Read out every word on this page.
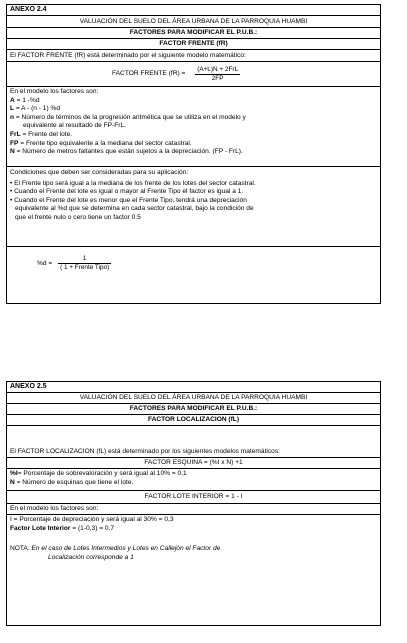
ANEXO 2.4
VALUACIÓN DEL SUELO DEL ÁREA URBANA DE LA PARROQUIA HUAMBI
FACTORES PARA MODIFICAR EL P.U.B.:
FACTOR FRENTE (fR)
El FACTOR FRENTE (fR) está determinado por el siguiente modelo matemático:
FACTOR FRENTE $(fR) = \frac{\text{(A+L)N + 2FrL}}{2FP}$
En el modelo los factores son:
A = 1 -%d
L = A - (n - 1) %d
n = Número de términos de la progresión aritmética que se utiliza en el modelo y
equivalente al resultado de FP-FrL.
FrL = Frente del lote.
FP = Frente tipo equivalente a la mediana del sector catastral.
N = Número de metros faltantes que están sujetos a la depreciación. (FP - FrL).
Condiciones que deben ser consideradas para su aplicación:
• El Frente tipo será igual a la mediana de los frente de los lotes del sector catastral.
• Cuando el Frente del lote es igual o mayor al Frente Tipo el factor es igual a 1.
• Cuando el Frente del lote es menor que el Frente Tipo, tendrá una depreciación
equivalente al %d que se determina en cada sector catastral, bajo la condición de
que el frente nulo o cero tiene un factor 0.5
$\%d = \frac{1}{\text{( 1 + Frente Tipo)}}$
ANEXO 2.5
VALUACIÓN DEL SUELO DEL ÁREA URBANA DE LA PARROQUIA HUAMBI
FACTORES PARA MODIFICAR EL P.U.B.:
FACTOR LOCALIZACION (fL)
El FACTOR LOCALIZACION (fL) está determinado por los siguientes modelos matemáticos:
FACTOR ESQUINA = (%I x N) +1
%I= Porcentaje de sobrevaloración y será igual al 10% = 0,1
N = Número de esquinas que tiene el lote.
FACTOR LOTE INTERIOR = 1 - I
En el modelo los factores son:
I = Porcentaje de depreciación y será igual al 30% = 0,3
Factor Lote Interior = (1-0,3) = 0.7
NOTA: En el caso de Lotes Intermedios y Lotes en Callejón el Factor de
Localización corresponde a 1
